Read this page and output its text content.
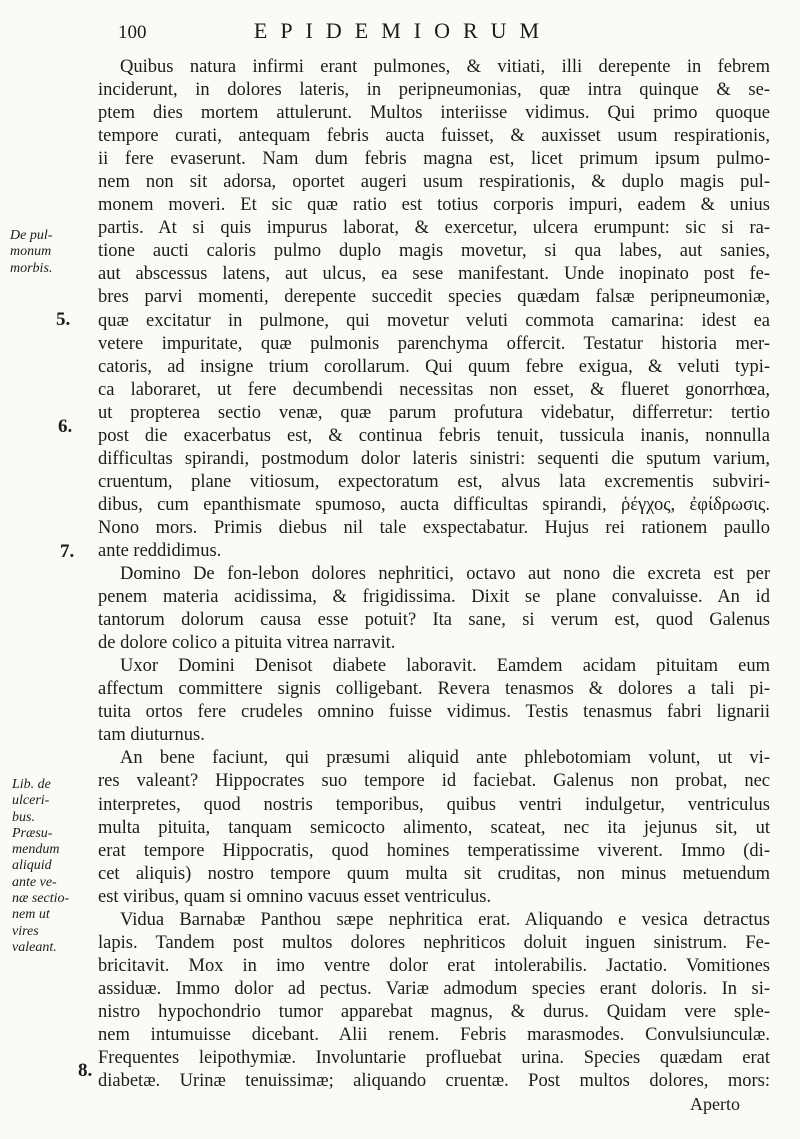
100	EPIDEMIORUM
De pul-
monum
morbis.
Lib. de
ulceri-
bus.
Præsu-
mendum
aliquid
ante ve-
næ sectio-
nem ut
vires
valeant.
5.
6.
7.
8.
Quibus natura infirmi erant pulmones, & vitiati, illi derepente in febrem
inciderunt, in dolores lateris, in peripneumonias, quæ intra quinque & se-
ptem dies mortem attulerunt. Multos interiisse vidimus. Qui primo quoque
tempore curati, antequam febris aucta fuisset, & auxisset usum respirationis,
ii fere evaserunt. Nam dum febris magna est, licet primum ipsum pulmo-
nem non sit adorsa, oportet augeri usum respirationis, & duplo magis pul-
monem moveri. Et sic quæ ratio est totius corporis impuri, eadem & unius
partis. At si quis impurus laborat, & exercetur, ulcera erumpunt: sic si ra-
tione aucti caloris pulmo duplo magis movetur, si qua labes, aut sanies,
aut abscessus latens, aut ulcus, ea sese manifestant. Unde inopinato post fe-
bres parvi momenti, derepente succedit species quædam falsæ peripneumoniæ,
quæ excitatur in pulmone, qui movetur veluti commota camarina: idest ea
vetere impuritate, quæ pulmonis parenchyma offercit. Testatur historia mer-
catoris, ad insigne trium corollarum. Qui quum febre exigua, & veluti typi-
ca laboraret, ut fere decumbendi necessitas non esset, & flueret gonorrhœa,
ut propterea sectio venæ, quæ parum profutura videbatur, differretur: tertio
post die exacerbatus est, & continua febris tenuit, tussicula inanis, nonnulla
difficultas spirandi, postmodum dolor lateris sinistri: sequenti die sputum varium,
cruentum, plane vitiosum, expectoratum est, alvus lata excrementis subviri-
dibus, cum epanthismate spumoso, aucta difficultas spirandi, ῥέγχος, ἐφίδρωσις.
Nono mors. Primis diebus nil tale exspectabatur. Hujus rei rationem paullo
ante reddidimus.
Domino De fon-lebon dolores nephritici, octavo aut nono die excreta est per
penem materia acidissima, & frigidissima. Dixit se plane convaluisse. An id
tantorum dolorum causa esse potuit? Ita sane, si verum est, quod Galenus
de dolore colico a pituita vitrea narravit.
Uxor Domini Denisot diabete laboravit. Eamdem acidam pituitam eum
affectum committere signis colligebant. Revera tenasmos & dolores a tali pi-
tuita ortos fere crudeles omnino fuisse vidimus. Testis tenasmus fabri lignarii
tam diuturnus.
An bene faciunt, qui præsumi aliquid ante phlebotomiam volunt, ut vi-
res valeant? Hippocrates suo tempore id faciebat. Galenus non probat, nec
interpretes, quod nostris temporibus, quibus ventri indulgetur, ventriculus
multa pituita, tanquam semicocto alimento, scateat, nec ita jejunus sit, ut
erat tempore Hippocratis, quod homines temperatissime viverent. Immo (di-
cet aliquis) nostro tempore quum multa sit cruditas, non minus metuendum
est viribus, quam si omnino vacuus esset ventriculus.
Vidua Barnabæ Panthou sæpe nephritica erat. Aliquando e vesica detractus
lapis. Tandem post multos dolores nephriticos doluit inguen sinistrum. Fe-
bricitavit. Mox in imo ventre dolor erat intolerabilis. Jactatio. Vomitiones
assiduæ. Immo dolor ad pectus. Variæ admodum species erant doloris. In si-
nistro hypochondrio tumor apparebat magnus, & durus. Quidam vere sple-
nem intumuisse dicebant. Alii renem. Febris marasmodes. Convulsiunculæ.
Frequentes leipothymiæ. Involuntarie profluebat urina. Species quædam erat
diabetæ. Urinæ tenuissimæ; aliquando cruentæ. Post multos dolores, mors:
Aperto
